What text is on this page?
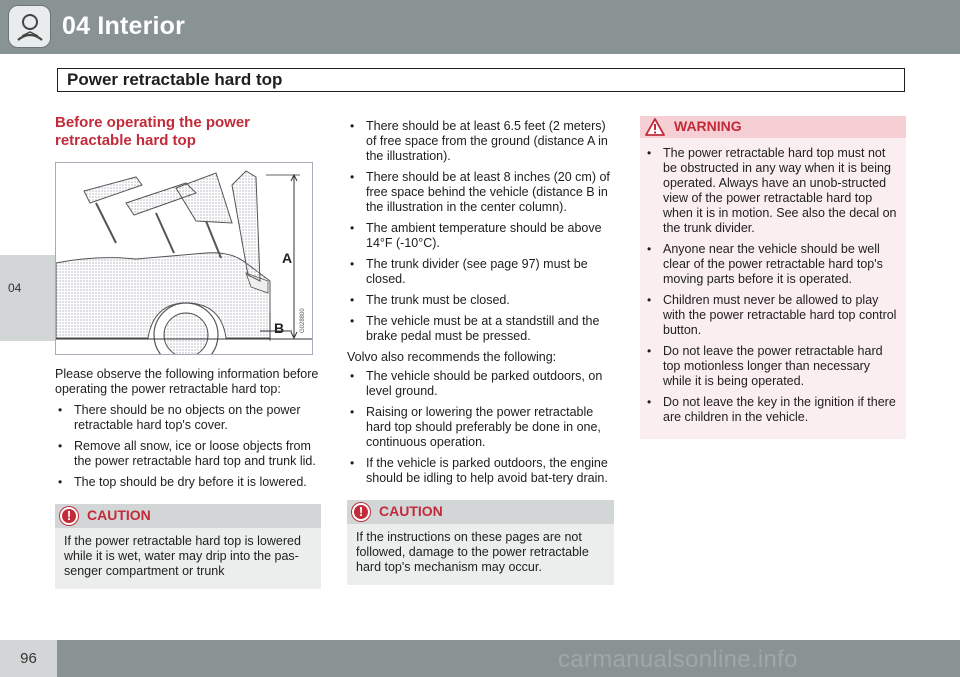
04 Interior
Power retractable hard top
04
Before operating the power retractable hard top
A
B	G028800
Please observe the following information before operating the power retractable hard top:
• There should be no objects on the power retractable hard top's cover.
• Remove all snow, ice or loose objects from the power retractable hard top and trunk lid.
• The top should be dry before it is lowered.
!	CAUTION
If the power retractable hard top is lowered while it is wet, water may drip into the pas-senger compartment or trunk
• There should be at least 6.5 feet (2 meters) of free space from the ground (distance A in the illustration).
• There should be at least 8 inches (20 cm) of free space behind the vehicle (distance B in the illustration in the center column).
• The ambient temperature should be above 14°F (-10°C).
• The trunk divider (see page 97) must be closed.
• The trunk must be closed.
• The vehicle must be at a standstill and the brake pedal must be pressed.
Volvo also recommends the following:
• The vehicle should be parked outdoors, on level ground.
• Raising or lowering the power retractable hard top should preferably be done in one, continuous operation.
• If the vehicle is parked outdoors, the engine should be idling to help avoid bat-tery drain.
!	CAUTION
If the instructions on these pages are not followed, damage to the power retractable hard top's mechanism may occur.
WARNING
• The power retractable hard top must not be obstructed in any way when it is being operated. Always have an unob-structed view of the power retractable hard top when it is in motion. See also the decal on the trunk divider.
• Anyone near the vehicle should be well clear of the power retractable hard top's moving parts before it is operated.
• Children must never be allowed to play with the power retractable hard top control button.
• Do not leave the power retractable hard top motionless longer than necessary while it is being operated.
• Do not leave the key in the ignition if there are children in the vehicle.
96	carmanualsonline.info
